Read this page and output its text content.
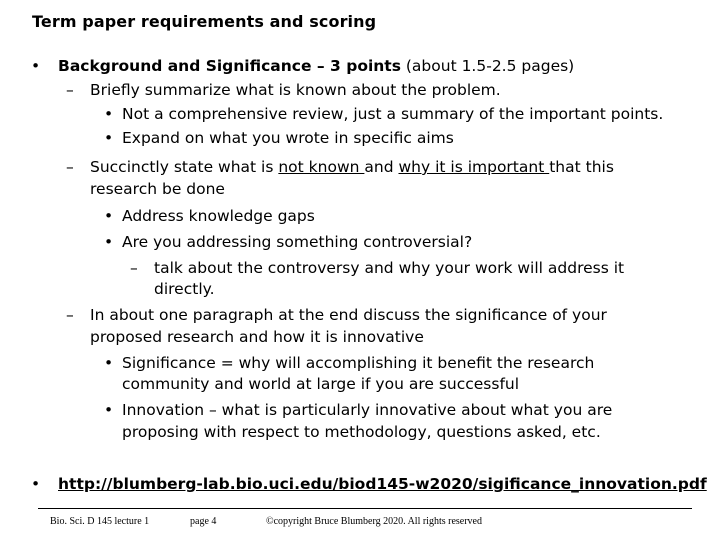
Term paper requirements and scoring
• Background and Significance – 3 points (about 1.5-2.5 pages)
– Briefly summarize what is known about the problem.
• Not a comprehensive review, just a summary of the important points.
• Expand on what you wrote in specific aims
– Succinctly state what is not known and why it is important that this
research be done
• Address knowledge gaps
• Are you addressing something controversial?
– talk about the controversy and why your work will address it
directly.
– In about one paragraph at the end discuss the significance of your
proposed research and how it is innovative
• Significance = why will accomplishing it benefit the research
community and world at large if you are successful
• Innovation – what is particularly innovative about what you are
proposing with respect to methodology, questions asked, etc.
• http://blumberg-lab.bio.uci.edu/biod145-w2020/sigificance_innovation.pdf
Bio. Sci. D 145 lecture 1	page 4	©copyright Bruce Blumberg 2020. All rights reserved
